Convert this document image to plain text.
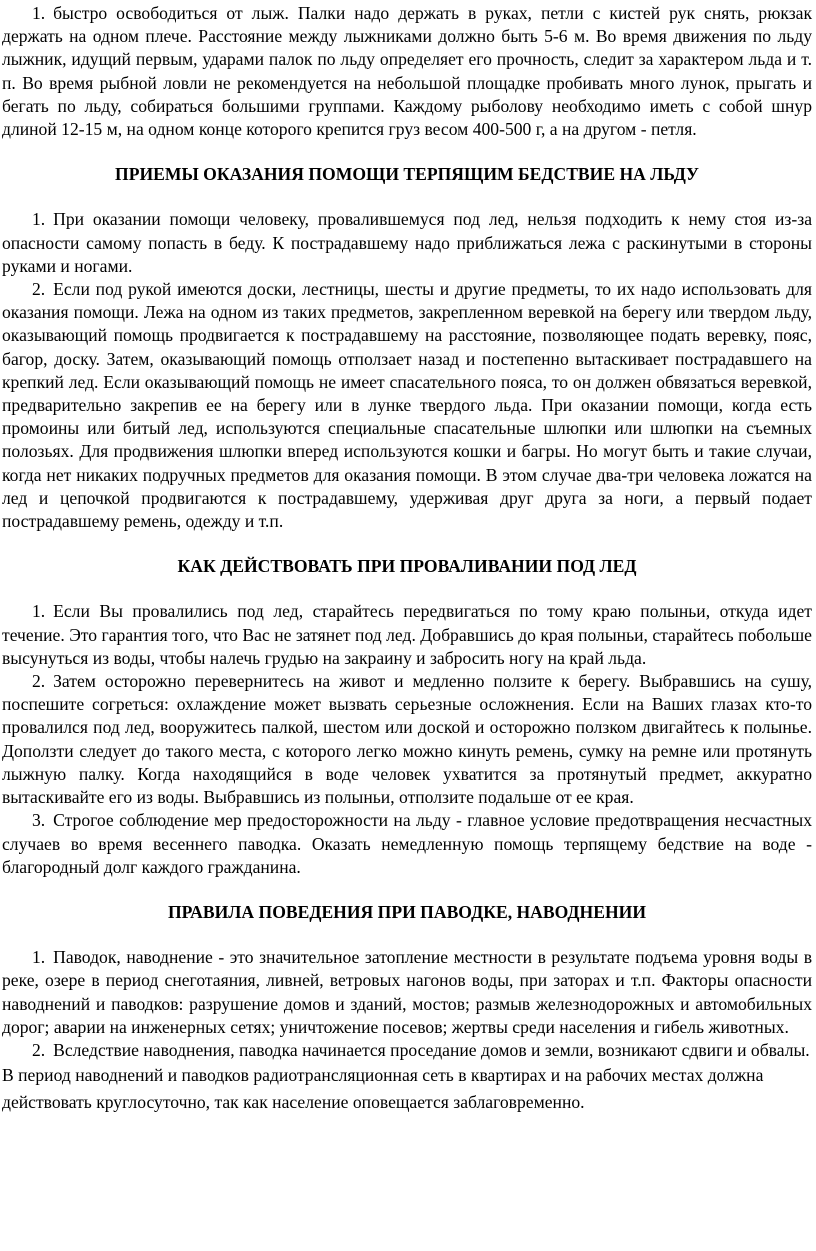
1. быстро освободиться от лыж. Палки надо держать в руках, петли с кистей рук снять, рюкзак держать на одном плече. Расстояние между лыжниками должно быть 5-6 м. Во время движения по льду лыжник, идущий первым, ударами палок по льду определяет его прочность, следит за характером льда и т. п. Во время рыбной ловли не рекомендуется на небольшой площадке пробивать много лунок, прыгать и бегать по льду, собираться большими группами. Каждому рыболову необходимо иметь с собой шнур длиной 12-15 м, на одном конце которого крепится груз весом 400-500 г, а на другом - петля.

ПРИЕМЫ ОКАЗАНИЯ ПОМОЩИ ТЕРПЯЩИМ БЕДСТВИЕ НА ЛЬДУ

1. При оказании помощи человеку, провалившемуся под лед, нельзя подходить к нему стоя из-за опасности самому попасть в беду. К пострадавшему надо приближаться лежа с раскинутыми в стороны руками и ногами.

2. Если под рукой имеются доски, лестницы, шесты и другие предметы, то их надо использовать для оказания помощи. Лежа на одном из таких предметов, закрепленном веревкой на берегу или твердом льду, оказывающий помощь продвигается к пострадавшему на расстояние, позволяющее подать веревку, пояс, багор, доску. Затем, оказывающий помощь отползает назад и постепенно вытаскивает пострадавшего на крепкий лед. Если оказывающий помощь не имеет спасательного пояса, то он должен обвязаться веревкой, предварительно закрепив ее на берегу или в лунке твердого льда. При оказании помощи, когда есть промоины или битый лед, используются специальные спасательные шлюпки или шлюпки на съемных полозьях. Для продвижения шлюпки вперед используются кошки и багры. Но могут быть и такие случаи, когда нет никаких подручных предметов для оказания помощи. В этом случае два-три человека ложатся на лед и цепочкой продвигаются к пострадавшему, удерживая друг друга за ноги, а первый подает пострадавшему ремень, одежду и т.п.

КАК ДЕЙСТВОВАТЬ ПРИ ПРОВАЛИВАНИИ ПОД ЛЕД

1. Если Вы провалились под лед, старайтесь передвигаться по тому краю полыньи, откуда идет течение. Это гарантия того, что Вас не затянет под лед. Добравшись до края полыньи, старайтесь побольше высунуться из воды, чтобы налечь грудью на закраину и забросить ногу на край льда.

2. Затем осторожно перевернитесь на живот и медленно ползите к берегу. Выбравшись на сушу, поспешите согреться: охлаждение может вызвать серьезные осложнения. Если на Ваших глазах кто-то провалился под лед, вооружитесь палкой, шестом или доской и осторожно ползком двигайтесь к полынье. Доползти следует до такого места, с которого легко можно кинуть ремень, сумку на ремне или протянуть лыжную палку. Когда находящийся в воде человек ухватится за протянутый предмет, аккуратно вытаскивайте его из воды. Выбравшись из полыньи, отползите подальше от ее края.

3. Строгое соблюдение мер предосторожности на льду - главное условие предотвращения несчастных случаев во время весеннего паводка. Оказать немедленную помощь терпящему бедствие на воде - благородный долг каждого гражданина.

ПРАВИЛА ПОВЕДЕНИЯ ПРИ ПАВОДКЕ, НАВОДНЕНИИ

1. Паводок, наводнение - это значительное затопление местности в результате подъема уровня воды в реке, озере в период снеготаяния, ливней, ветровых нагонов воды, при заторах и т.п. Факторы опасности наводнений и паводков: разрушение домов и зданий, мостов; размыв железнодорожных и автомобильных дорог; аварии на инженерных сетях; уничтожение посевов; жертвы среди населения и гибель животных.

2. Вследствие наводнения, паводка начинается проседание домов и земли, возникают сдвиги и обвалы.

В период наводнений и паводков радиотрансляционная сеть в квартирах и на рабочих местах должна действовать круглосуточно, так как население оповещается заблаговременно.
